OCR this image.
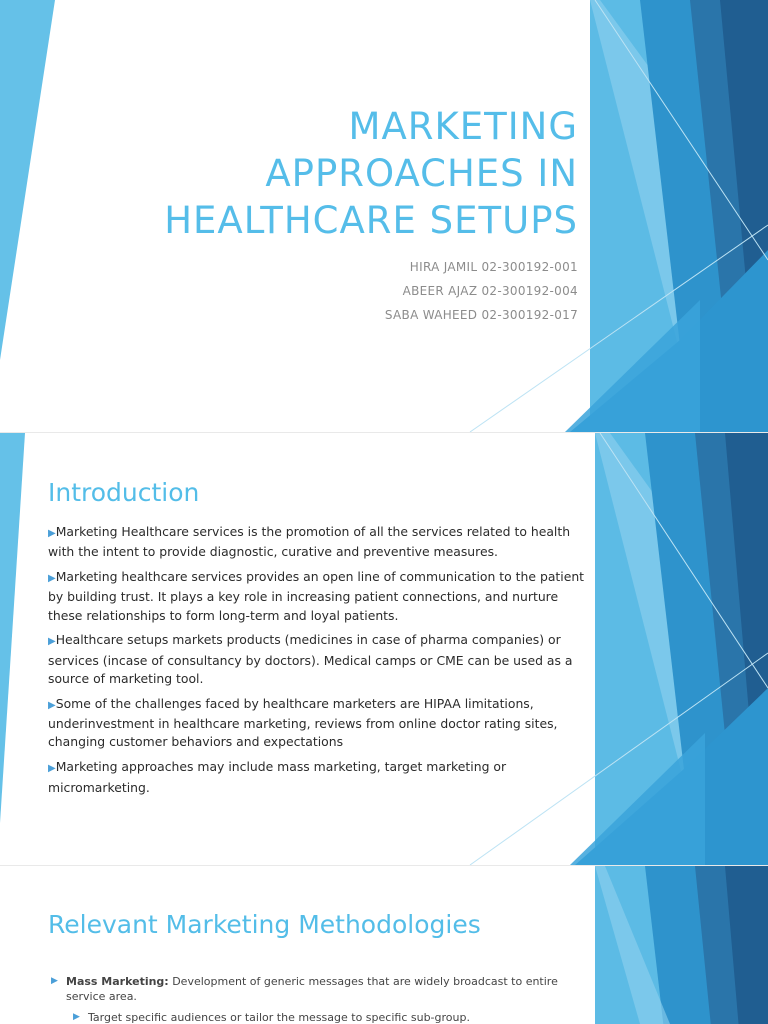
MARKETING
APPROACHES IN
HEALTHCARE SETUPS
HIRA JAMIL 02-300192-001
ABEER AJAZ 02-300192-004
SABA WAHEED 02-300192-017
Introduction
▶Marketing Healthcare services is the promotion of all the services related to health with the intent to provide diagnostic, curative and preventive measures.
▶Marketing healthcare services provides an open line of communication to the patient by building trust. It plays a key role in increasing patient connections, and nurture these relationships to form long-term and loyal patients.
▶Healthcare setups markets products (medicines in case of pharma companies) or services (incase of consultancy by doctors). Medical camps or CME can be used as a source of marketing tool.
▶Some of the challenges faced by healthcare marketers are HIPAA limitations, underinvestment in healthcare marketing, reviews from online doctor rating sites, changing customer behaviors and expectations
▶Marketing approaches may include mass marketing, target marketing or micromarketing.
Relevant Marketing Methodologies
▶ Mass Marketing: Development of generic messages that are widely broadcast to entire service area.
▶ Target specific audiences or tailor the message to specific sub-group.
